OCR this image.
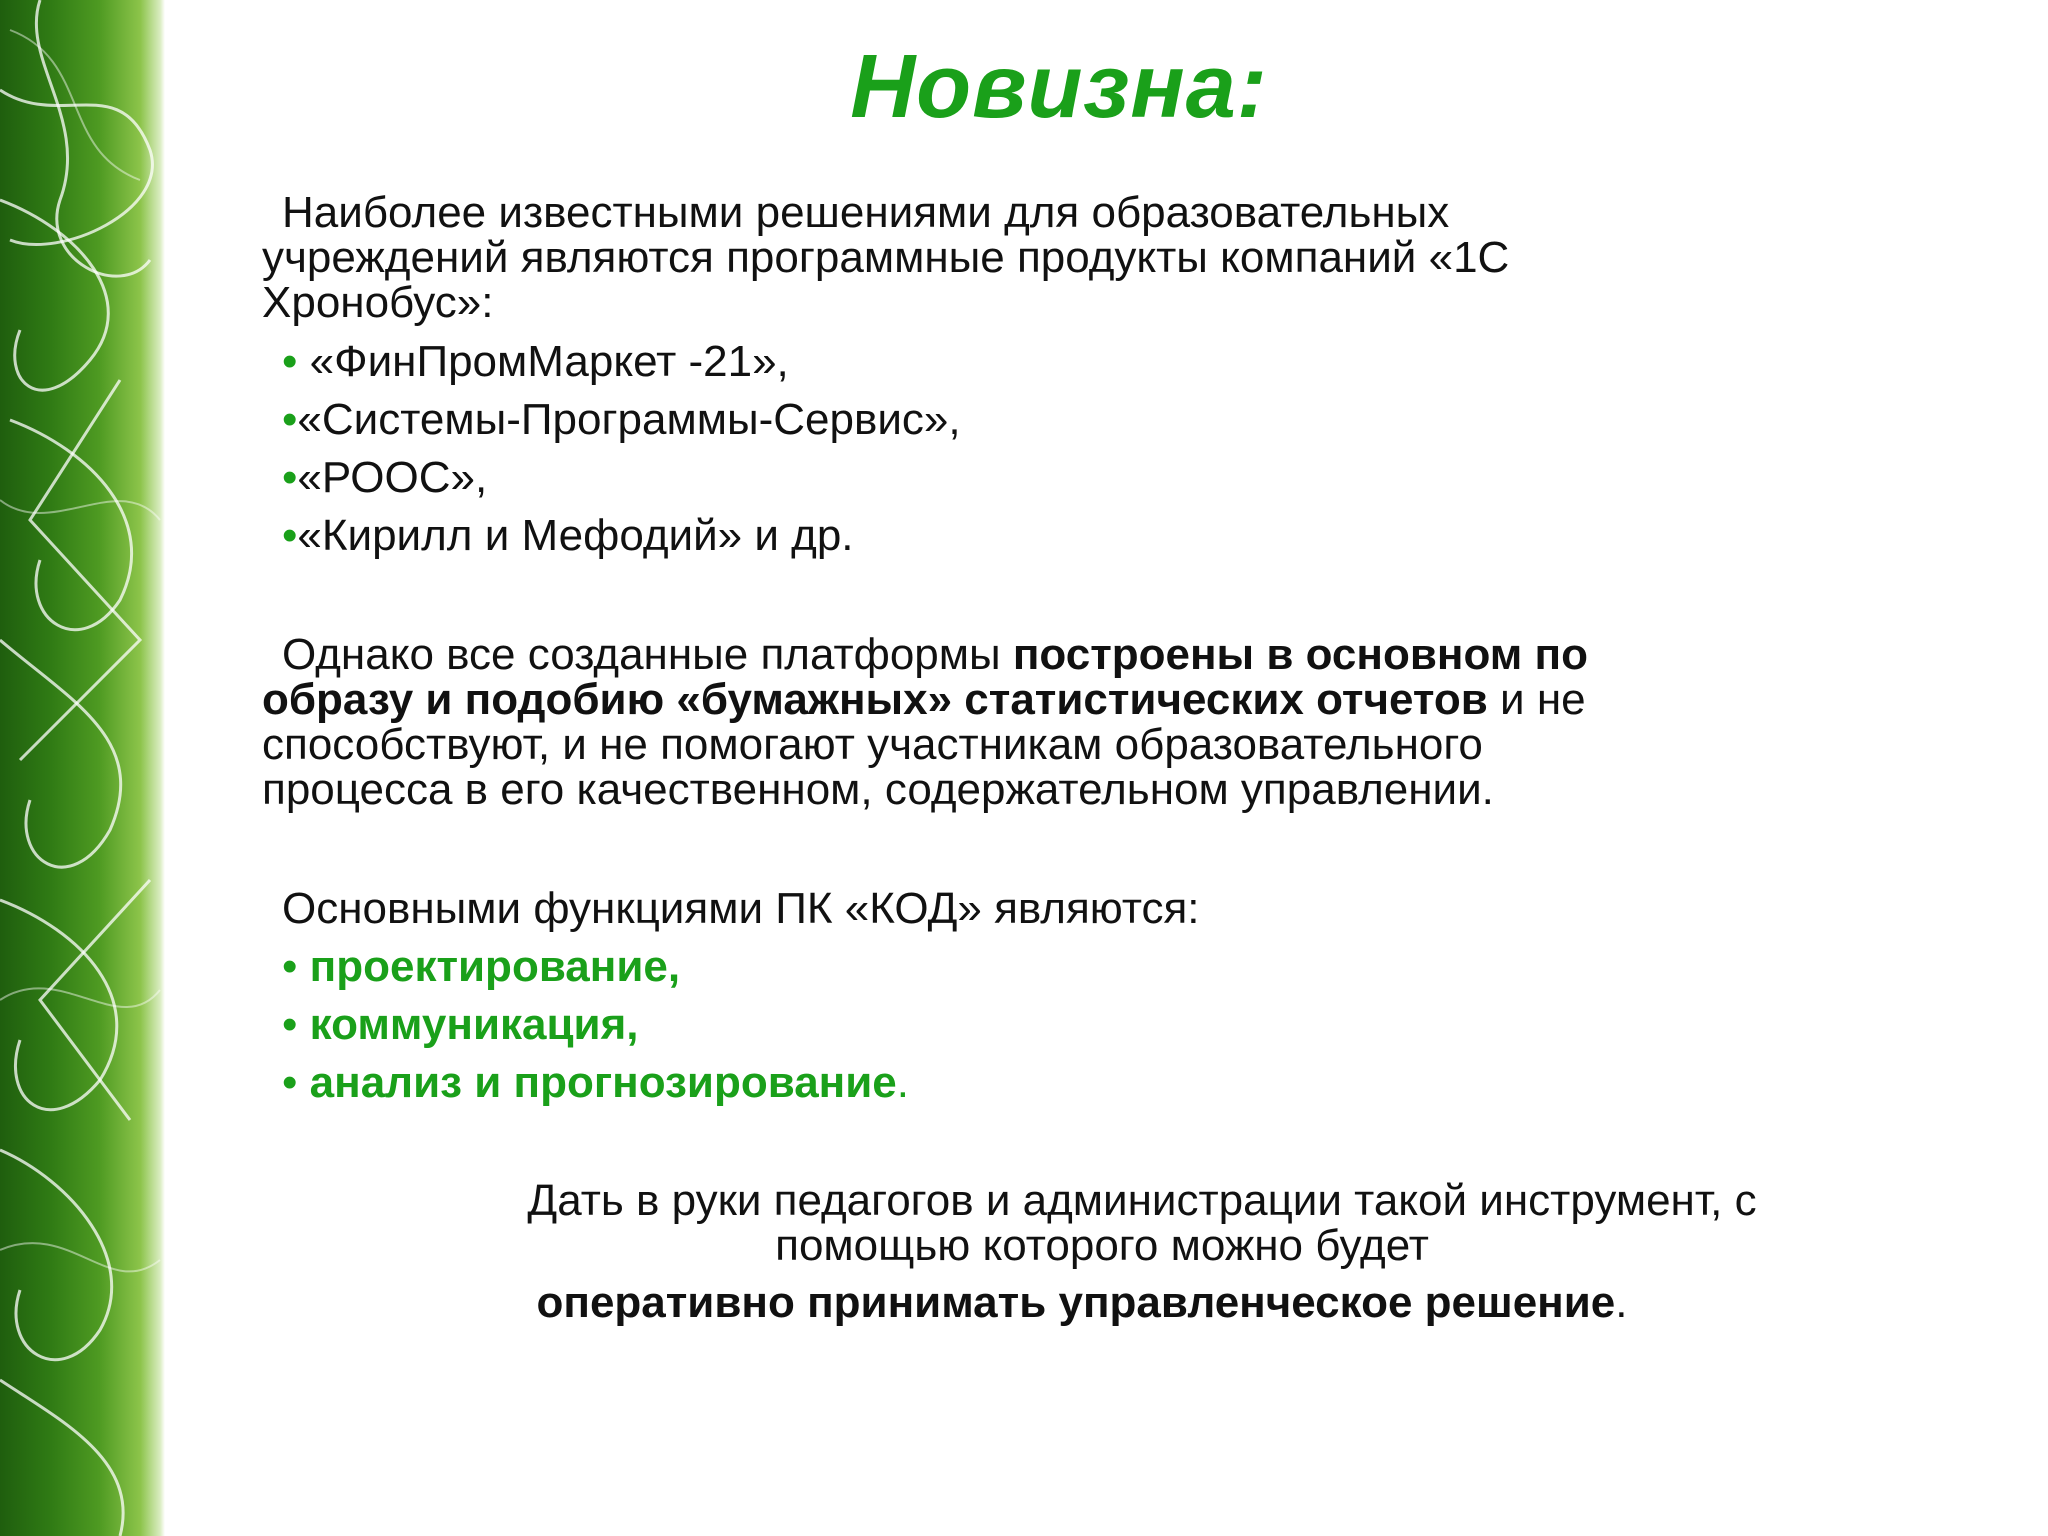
Новизна:
Наиболее известными решениями для образовательных
учреждений являются программные продукты компаний «1С
Хронобус»:
• «ФинПромМаркет -21»,
•«Системы-Программы-Сервис»,
•«РООС»,
•«Кирилл и Мефодий» и др.
Однако все созданные платформы построены в основном по
образу и подобию «бумажных» статистических отчетов и не
способствуют, и не помогают участникам образовательного
процесса в его качественном, содержательном управлении.
Основными функциями ПК «КОД» являются:
• проектирование,
• коммуникация,
• анализ и прогнозирование.
Дать в руки педагогов и администрации такой инструмент, с
помощью которого можно будет
оперативно принимать управленческое решение.
